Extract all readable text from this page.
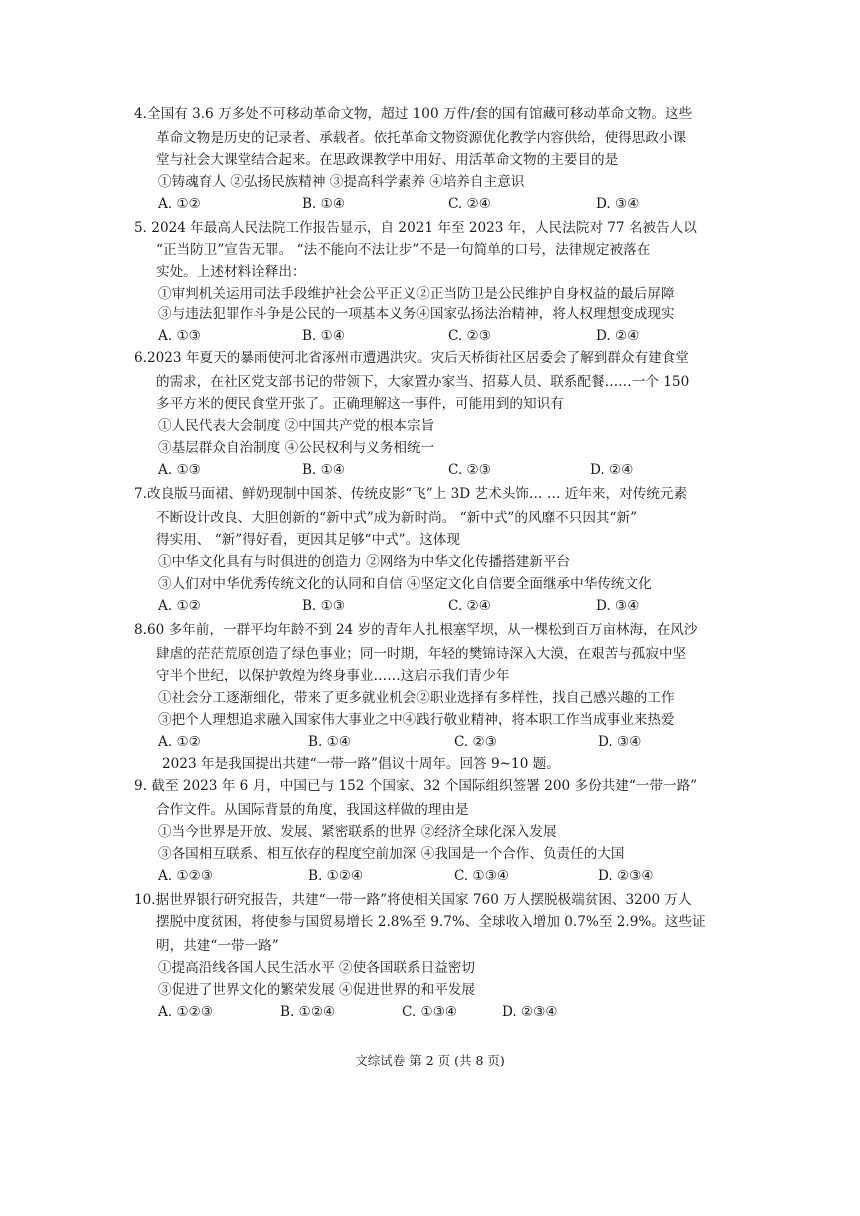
4.全国有 3.6 万多处不可移动革命文物，超过 100 万件/套的国有馆藏可移动革命文物。这些
革命文物是历史的记录者、承载者。依托革命文物资源优化教学内容供给，使得思政小课
堂与社会大课堂结合起来。在思政课教学中用好、用活革命文物的主要目的是
①铸魂育人 ②弘扬民族精神 ③提高科学素养 ④培养自主意识
A. ①②	B. ①④	C. ②④	D. ③④
5. 2024 年最高人民法院工作报告显示，自 2021 年至 2023 年，人民法院对 77 名被告人以
“正当防卫”宣告无罪。 “法不能向不法让步”不是一句简单的口号，法律规定被落在
实处。上述材料诠释出：
①审判机关运用司法手段维护社会公平正义②正当防卫是公民维护自身权益的最后屏障
③与违法犯罪作斗争是公民的一项基本义务④国家弘扬法治精神，将人权理想变成现实
A. ①③	B. ①④	C. ②③	D. ②④
6.2023 年夏天的暴雨使河北省涿州市遭遇洪灾。灾后天桥街社区居委会了解到群众有建食堂
的需求，在社区党支部书记的带领下，大家置办家当、招募人员、联系配餐……一个 150
多平方米的便民食堂开张了。正确理解这一事件，可能用到的知识有
①人民代表大会制度 ②中国共产党的根本宗旨
③基层群众自治制度 ④公民权利与义务相统一
A. ①③	B. ①④	C. ②③	D. ②④
7.改良版马面裙、鲜奶现制中国茶、传统皮影“飞”上 3D 艺术头饰… … 近年来，对传统元素
不断设计改良、大胆创新的“新中式”成为新时尚。 “新中式”的风靡不只因其“新”
得实用、 “新”得好看，更因其足够“中式”。这体现
①中华文化具有与时俱进的创造力 ②网络为中华文化传播搭建新平台
③人们对中华优秀传统文化的认同和自信 ④坚定文化自信要全面继承中华传统文化
A. ①②	B. ①③	C. ②④	D. ③④
8.60 多年前，一群平均年龄不到 24 岁的青年人扎根塞罕坝，从一棵松到百万亩林海，在风沙
肆虐的茫茫荒原创造了绿色事业；同一时期，年轻的樊锦诗深入大漠，在艰苦与孤寂中坚
守半个世纪，以保护敦煌为终身事业……这启示我们青少年
①社会分工逐渐细化，带来了更多就业机会②职业选择有多样性，找自己感兴趣的工作
③把个人理想追求融入国家伟大事业之中④践行敬业精神，将本职工作当成事业来热爱
A. ①②	B. ①④	C. ②③	D. ③④
2023 年是我国提出共建“一带一路”倡议十周年。回答 9~10 题。
9. 截至 2023 年 6 月，中国已与 152 个国家、32 个国际组织签署 200 多份共建“一带一路”
合作文件。从国际背景的角度，我国这样做的理由是
①当今世界是开放、发展、紧密联系的世界 ②经济全球化深入发展
③各国相互联系、相互依存的程度空前加深 ④我国是一个合作、负责任的大国
A. ①②③	B. ①②④	C. ①③④	D. ②③④
10.据世界银行研究报告，共建“一带一路”将使相关国家 760 万人摆脱极端贫困、3200 万人
摆脱中度贫困，将使参与国贸易增长 2.8%至 9.7%、全球收入增加 0.7%至 2.9%。这些证
明，共建“一带一路”
①提高沿线各国人民生活水平 ②使各国联系日益密切
③促进了世界文化的繁荣发展 ④促进世界的和平发展
A. ①②③	B. ①②④	C. ①③④	D. ②③④
文综试卷 第 2 页 (共 8 页)
